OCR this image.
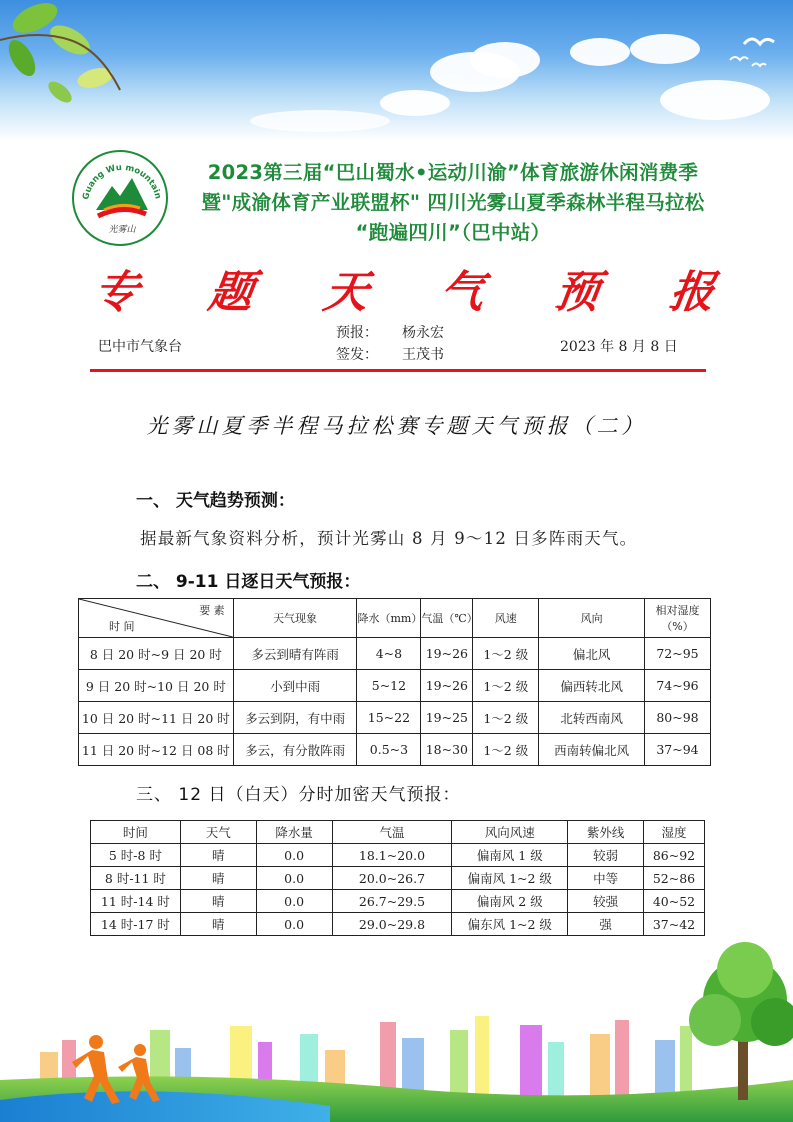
Guang Wu mountain
光雾山
2023第三届“巴山蜀水•运动川渝”体育旅游休闲消费季
暨"成渝体育产业联盟杯" 四川光雾山夏季森林半程马拉松
“跑遍四川”（巴中站）
专 题 天 气 预 报
巴中市气象台
预报： 杨永宏
签发： 王茂书	2023 年 8 月 8 日
光雾山夏季半程马拉松赛专题天气预报（二）
一、 天气趋势预测：
据最新气象资料分析，预计光雾山 8 月 9～12 日多阵雨天气。
二、 9-11 日逐日天气预报：
要 素
时 间	天气现象	降水（mm）	气温（℃）	风速	风向	相对湿度（%）
8 日 20 时~9 日 20 时	多云到晴有阵雨	4~8	19~26	1～2 级	偏北风	72~95
9 日 20 时~10 日 20 时	小到中雨	5~12	19~26	1～2 级	偏西转北风	74~96
10 日 20 时~11 日 20 时	多云到阴，有中雨	15~22	19~25	1～2 级	北转西南风	80~98
11 日 20 时~12 日 08 时	多云，有分散阵雨	0.5~3	18~30	1～2 级	西南转偏北风	37~94
三、 12 日（白天）分时加密天气预报：
时间	天气	降水量	气温	风向风速	紫外线	湿度
5 时-8 时	晴	0.0	18.1~20.0	偏南风 1 级	较弱	86~92
8 时-11 时	晴	0.0	20.0~26.7	偏南风 1~2 级	中等	52~86
11 时-14 时	晴	0.0	26.7~29.5	偏南风 2 级	较强	40~52
14 时-17 时	晴	0.0	29.0~29.8	偏东风 1~2 级	强	37~42
